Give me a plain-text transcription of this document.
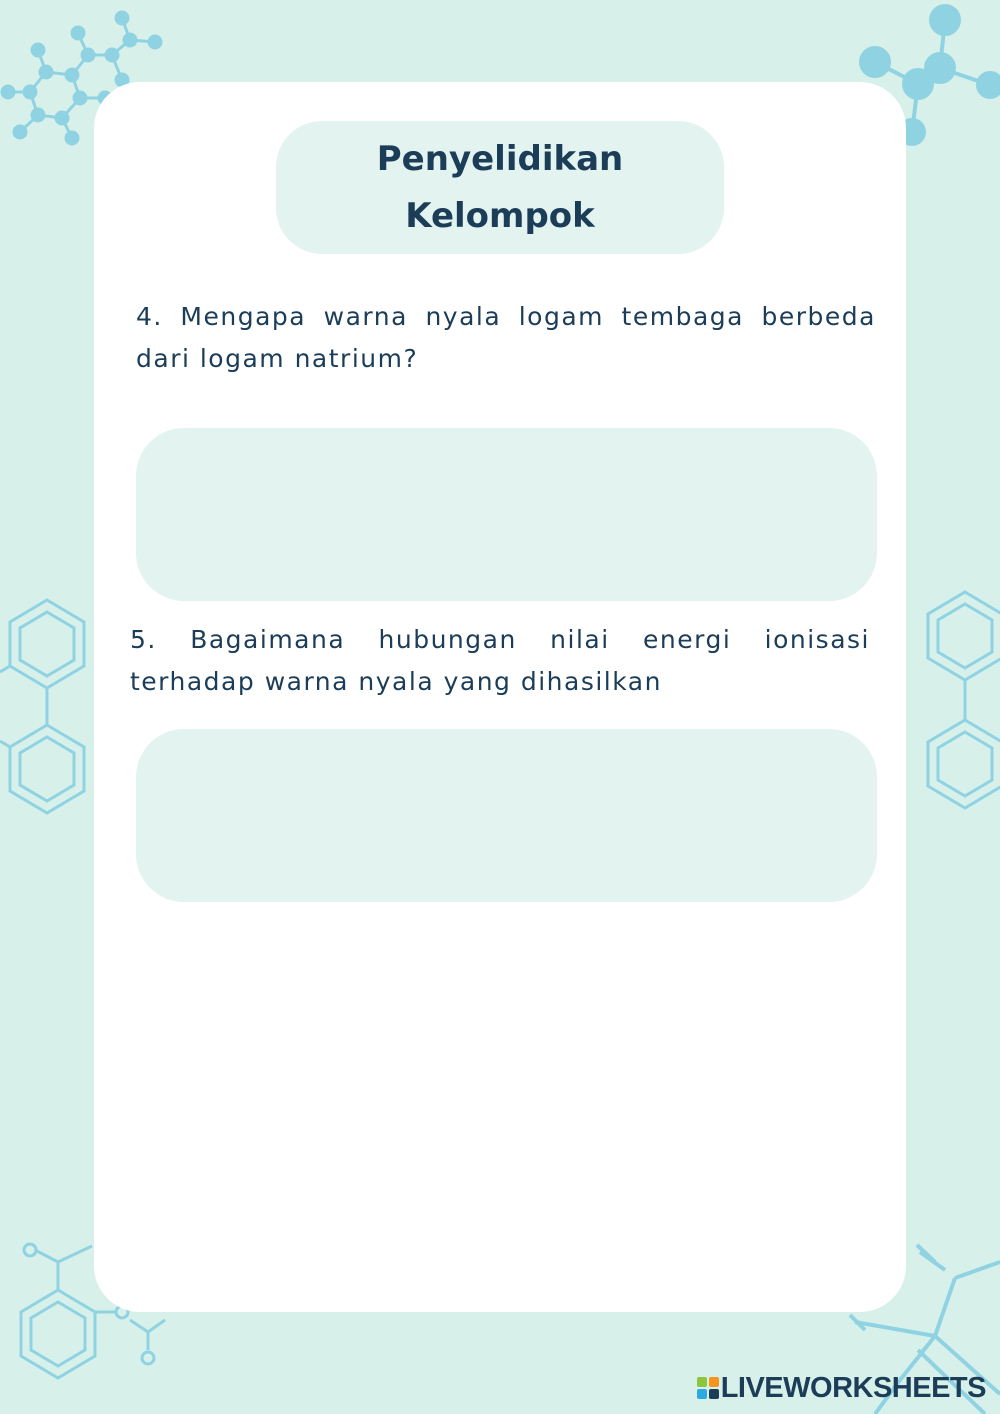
Penyelidikan Kelompok

4. Mengapa warna nyala logam tembaga berbeda dari logam natrium?

5. Bagaimana hubungan nilai energi ionisasi terhadap warna nyala yang dihasilkan

LIVEWORKSHEETS
